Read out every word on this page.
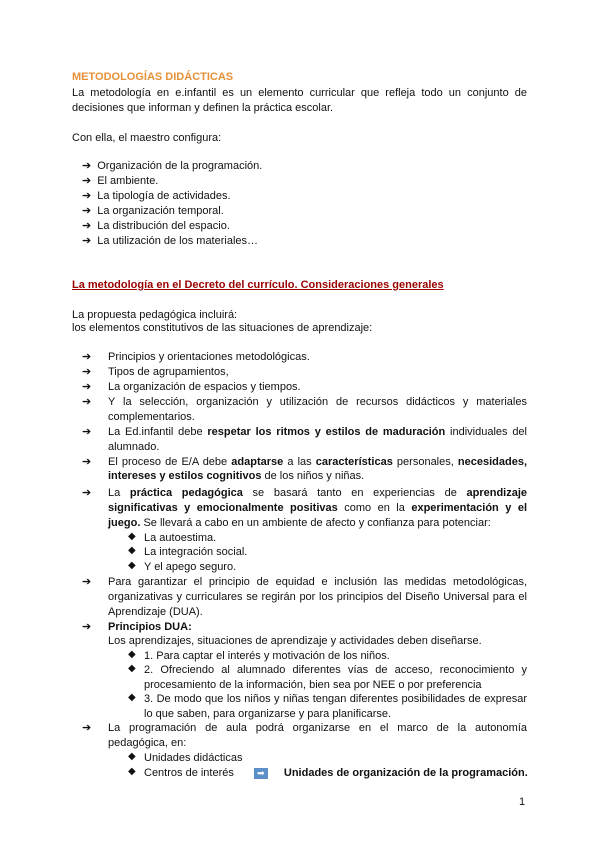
METODOLOGÍAS DIDÁCTICAS
La metodología en e.infantil es un elemento curricular que refleja todo un conjunto de
decisiones que informan y definen la práctica escolar.
Con ella, el maestro configura:
➔ Organización de la programación.
➔ El ambiente.
➔ La tipología de actividades.
➔ La organización temporal.
➔ La distribución del espacio.
➔ La utilización de los materiales…
La metodología en el Decreto del currículo. Consideraciones generales
La propuesta pedagógica incluirá:
los elementos constitutivos de las situaciones de aprendizaje:
➔	Principios y orientaciones metodológicas.
➔	Tipos de agrupamientos,
➔	La organización de espacios y tiempos.
➔	Y la selección, organización y utilización de recursos didácticos y materiales
complementarios.
➔	La Ed.infantil debe respetar los ritmos y estilos de maduración individuales del
alumnado.
➔	El proceso de E/A debe adaptarse a las características personales, necesidades,
intereses y estilos cognitivos de los niños y niñas.
➔	La práctica pedagógica se basará tanto en experiencias de aprendizaje
significativas y emocionalmente positivas como en la experimentación y el
juego. Se llevará a cabo en un ambiente de afecto y confianza para potenciar:
◆ La autoestima.
◆ La integración social.
◆ Y el apego seguro.
➔	Para garantizar el principio de equidad e inclusión las medidas metodológicas,
organizativas y curriculares se regirán por los principios del Diseño Universal para el
Aprendizaje (DUA).
➔	Principios DUA:
Los aprendizajes, situaciones de aprendizaje y actividades deben diseñarse.
◆ 1. Para captar el interés y motivación de los niños.
◆ 2. Ofreciendo al alumnado diferentes vías de acceso, reconocimiento y
procesamiento de la información, bien sea por NEE o por preferencia
◆ 3. De modo que los niños y niñas tengan diferentes posibilidades de expresar
lo que saben, para organizarse y para planificarse.
➔	La programación de aula podrá organizarse en el marco de la autonomía
pedagógica, en:
◆ Unidades didácticas
◆ Centros de interés	➡ Unidades de organización de la programación.
1
